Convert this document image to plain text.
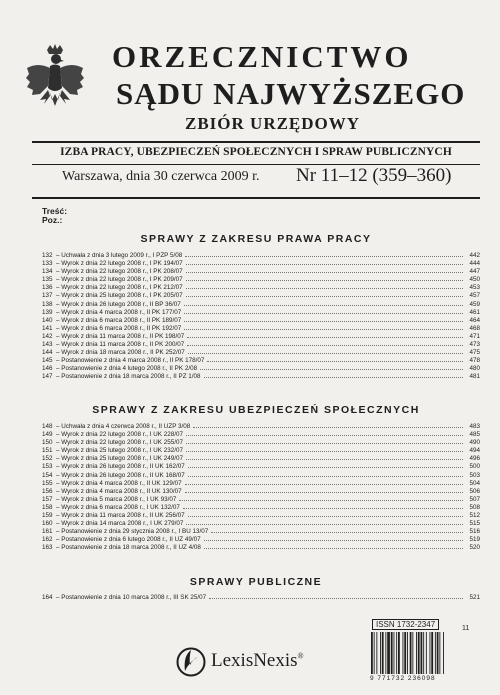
ORZECZNICTWO
SĄDU NAJWYŻSZEGO
ZBIÓR URZĘDOWY
IZBA PRACY, UBEZPIECZEŃ SPOŁECZNYCH I SPRAW PUBLICZNYCH
Warszawa, dnia 30 czerwca 2009 r. Nr 11–12 (359–360)
Treść:
Poz.:
SPRAWY Z ZAKRESU PRAWA PRACY
132 – Uchwała z dnia 3 lutego 2009 r., I PZP 5/08	442
133 – Wyrok z dnia 22 lutego 2008 r., I PK 194/07	444
134 – Wyrok z dnia 22 lutego 2008 r., I PK 208/07	447
135 – Wyrok z dnia 22 lutego 2008 r., I PK 209/07	450
136 – Wyrok z dnia 22 lutego 2008 r., I PK 212/07	453
137 – Wyrok z dnia 25 lutego 2008 r., I PK 205/07	457
138 – Wyrok z dnia 26 lutego 2008 r., II BP 36/07	459
139 – Wyrok z dnia 4 marca 2008 r., II PK 177/07	461
140 – Wyrok z dnia 6 marca 2008 r., II PK 189/07	464
141 – Wyrok z dnia 6 marca 2008 r., II PK 192/07	468
142 – Wyrok z dnia 11 marca 2008 r., II PK 198/07	471
143 – Wyrok z dnia 11 marca 2008 r., II PK 200/07	473
144 – Wyrok z dnia 18 marca 2008 r., II PK 252/07	475
145 – Postanowienie z dnia 4 marca 2008 r., II PK 178/07	478
146 – Postanowienie z dnia 4 lutego 2008 r., II PK 2/08	480
147 – Postanowienie z dnia 18 marca 2008 r., II PZ 1/08	481
SPRAWY Z ZAKRESU UBEZPIECZEŃ SPOŁECZNYCH
148 – Uchwała z dnia 4 czerwca 2008 r., II UZP 3/08	483
149 – Wyrok z dnia 22 lutego 2008 r., I UK 228/07	485
150 – Wyrok z dnia 22 lutego 2008 r., I UK 255/07	490
151 – Wyrok z dnia 25 lutego 2008 r., I UK 232/07	494
152 – Wyrok z dnia 25 lutego 2008 r., I UK 249/07	496
153 – Wyrok z dnia 26 lutego 2008 r., II UK 162/07	500
154 – Wyrok z dnia 26 lutego 2008 r., II UK 168/07	503
155 – Wyrok z dnia 4 marca 2008 r., II UK 129/07	504
156 – Wyrok z dnia 4 marca 2008 r., II UK 130/07	506
157 – Wyrok z dnia 5 marca 2008 r., I UK 93/07	507
158 – Wyrok z dnia 6 marca 2008 r., I UK 132/07	508
159 – Wyrok z dnia 11 marca 2008 r., II UK 256/07	512
160 – Wyrok z dnia 14 marca 2008 r., I UK 279/07	515
161 – Postanowienie z dnia 29 stycznia 2008 r., I BU 13/07	516
162 – Postanowienie z dnia 6 lutego 2008 r., II UZ 49/07	519
163 – Postanowienie z dnia 18 marca 2008 r., II UZ 4/08	520
SPRAWY PUBLICZNE
164 – Postanowienie z dnia 10 marca 2008 r., III SK 25/07	521
LexisNexis®
ISSN 1732-2347	11
9 771732 236098
